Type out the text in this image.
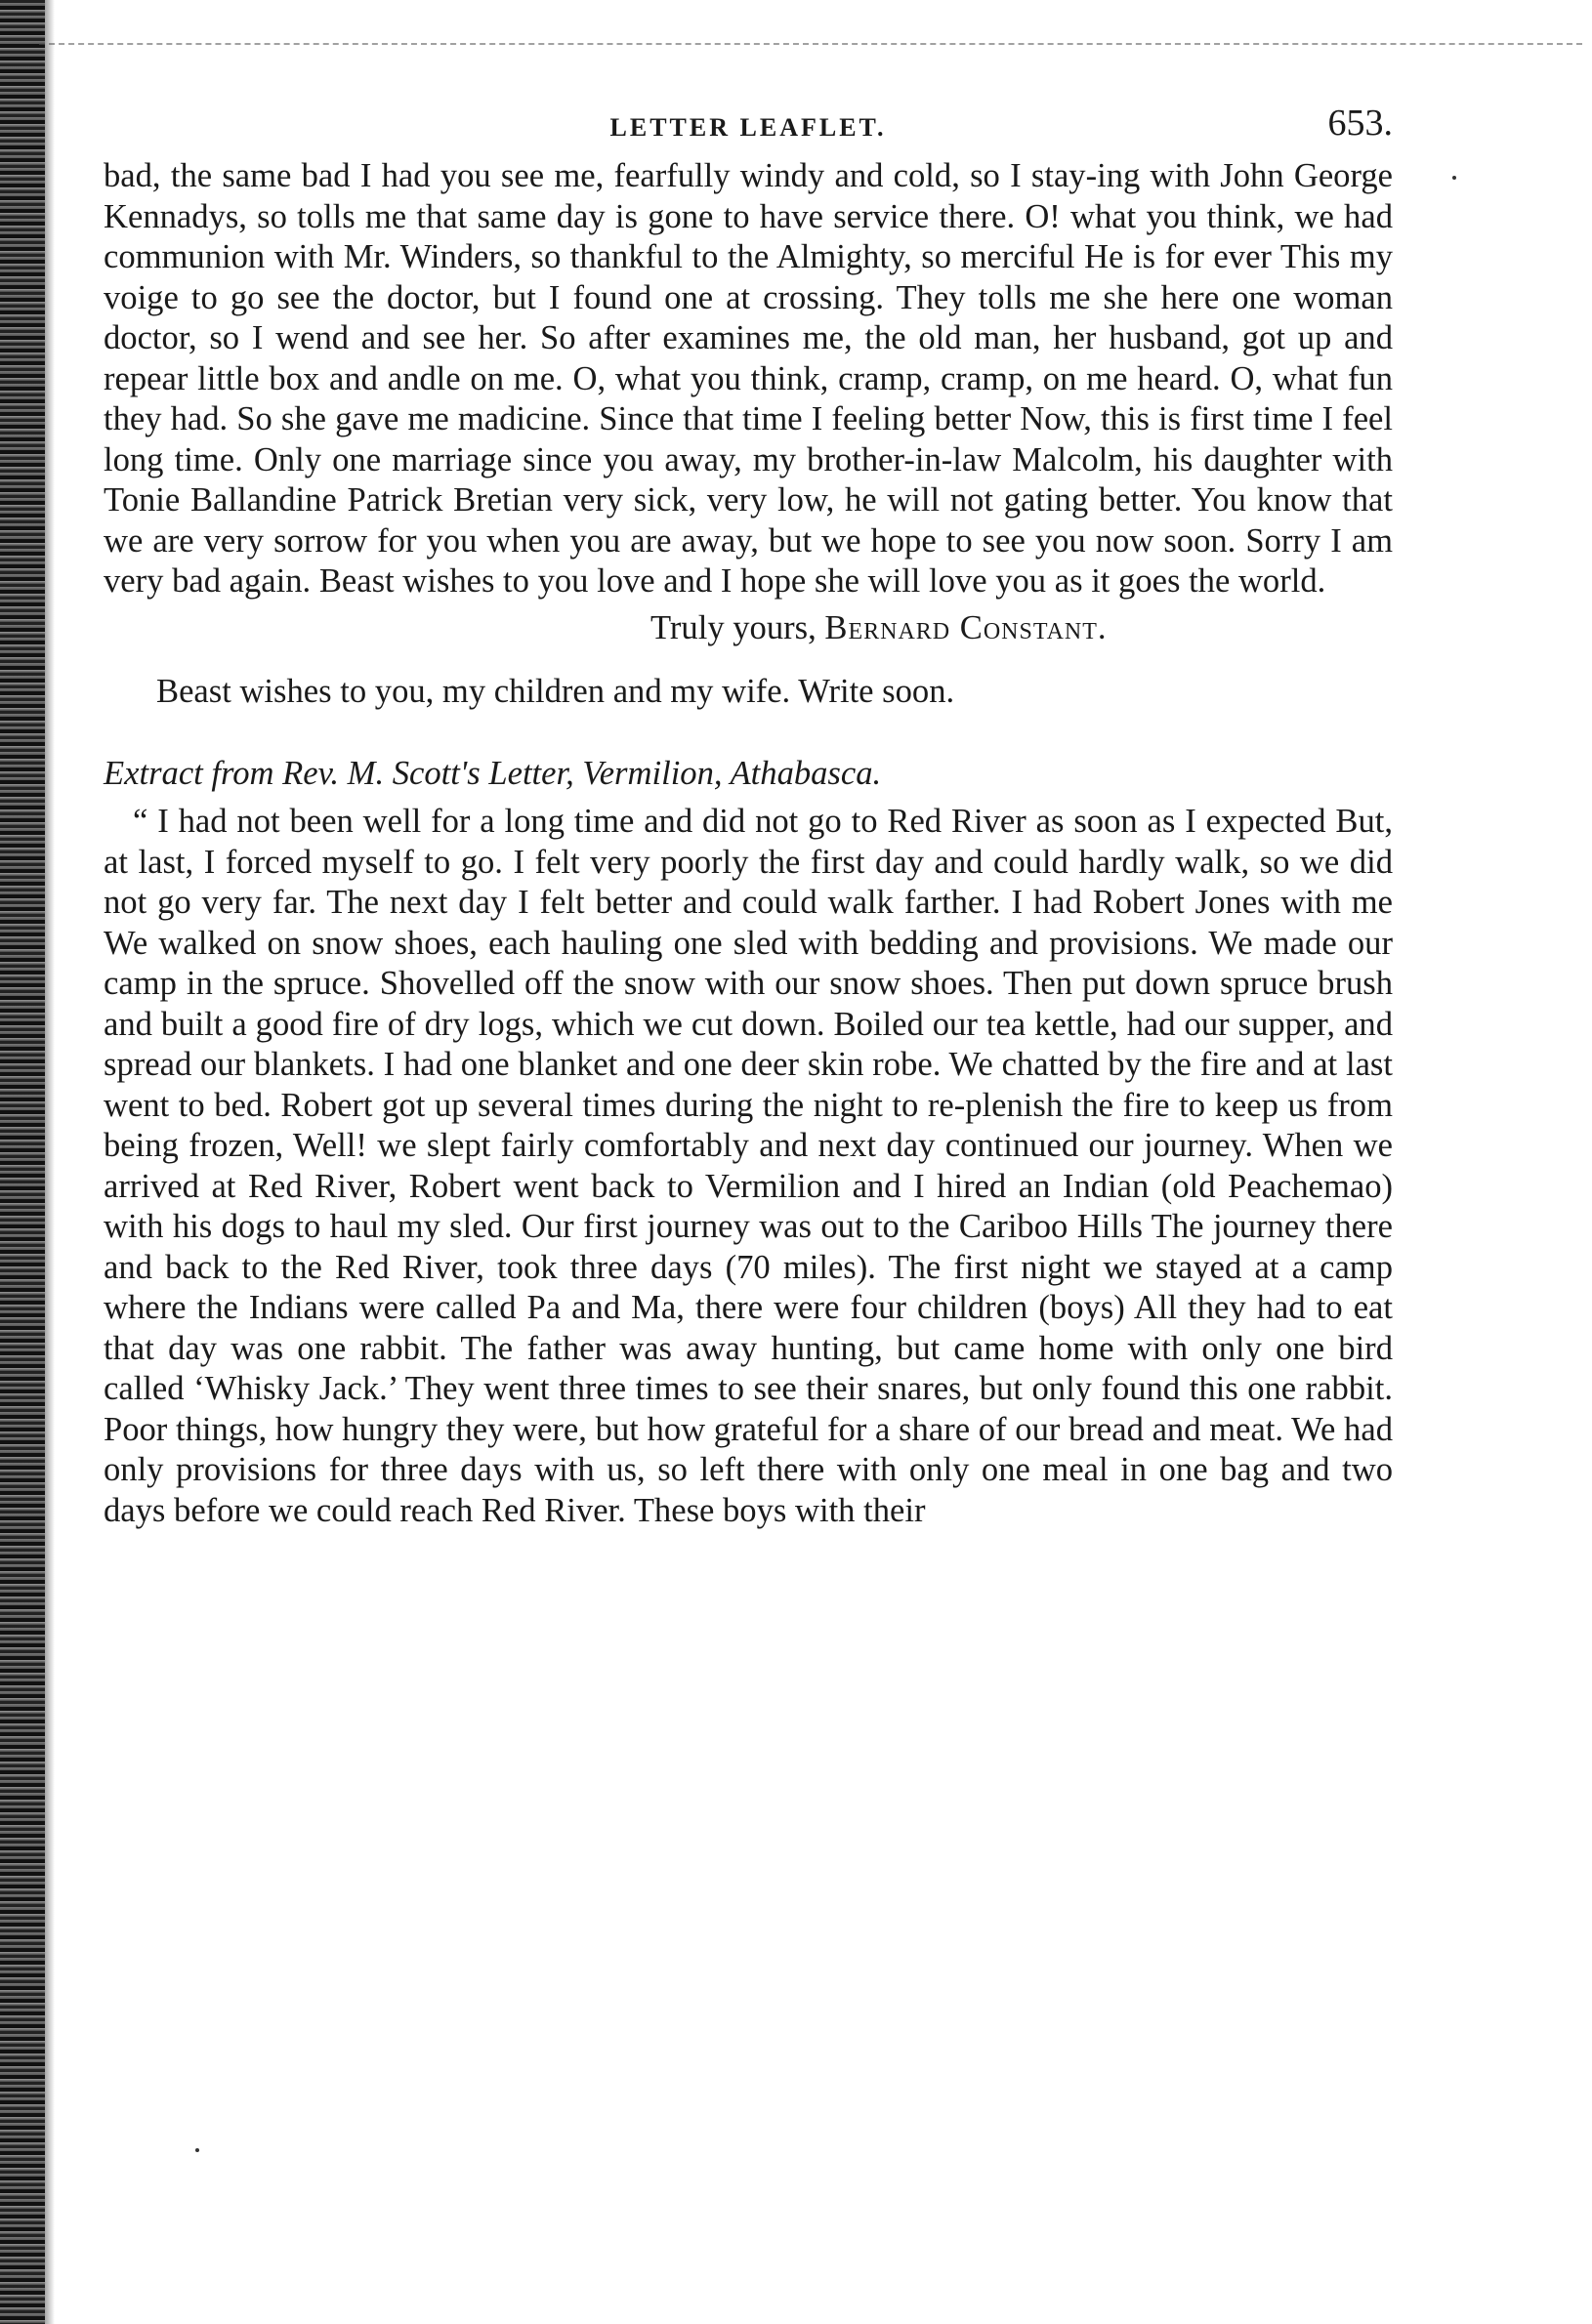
LETTER LEAFLET.	653.

bad, the same bad I had you see me, fearfully windy and cold, so I stay-ing with John George Kennadys, so tolls me that same day is gone to have service there. O! what you think, we had communion with Mr. Winders, so thankful to the Almighty, so merciful He is for ever This my voige to go see the doctor, but I found one at crossing. They tolls me she here one woman doctor, so I wend and see her. So after examines me, the old man, her husband, got up and repear little box and andle on me. O, what you think, cramp, cramp, on me heard. O, what fun they had. So she gave me madicine. Since that time I feeling better Now, this is first time I feel long time. Only one marriage since you away, my brother-in-law Malcolm, his daughter with Tonie Ballandine Patrick Bretian very sick, very low, he will not gating better. You know that we are very sorrow for you when you are away, but we hope to see you now soon. Sorry I am very bad again. Beast wishes to you love and I hope she will love you as it goes the world.

Truly yours, Bernard Constant.

Beast wishes to you, my children and my wife. Write soon.

Extract from Rev. M. Scott's Letter, Vermilion, Athabasca.

“ I had not been well for a long time and did not go to Red River as soon as I expected But, at last, I forced myself to go. I felt very poorly the first day and could hardly walk, so we did not go very far. The next day I felt better and could walk farther. I had Robert Jones with me We walked on snow shoes, each hauling one sled with bedding and provisions. We made our camp in the spruce. Shovelled off the snow with our snow shoes. Then put down spruce brush and built a good fire of dry logs, which we cut down. Boiled our tea kettle, had our supper, and spread our blankets. I had one blanket and one deer skin robe. We chatted by the fire and at last went to bed. Robert got up several times during the night to re-plenish the fire to keep us from being frozen, Well! we slept fairly comfortably and next day continued our journey. When we arrived at Red River, Robert went back to Vermilion and I hired an Indian (old Peachemao) with his dogs to haul my sled. Our first journey was out to the Cariboo Hills The journey there and back to the Red River, took three days (70 miles). The first night we stayed at a camp where the Indians were called Pa and Ma, there were four children (boys) All they had to eat that day was one rabbit. The father was away hunting, but came home with only one bird called ‘Whisky Jack.’ They went three times to see their snares, but only found this one rabbit. Poor things, how hungry they were, but how grateful for a share of our bread and meat. We had only provisions for three days with us, so left there with only one meal in one bag and two days before we could reach Red River. These boys with their
